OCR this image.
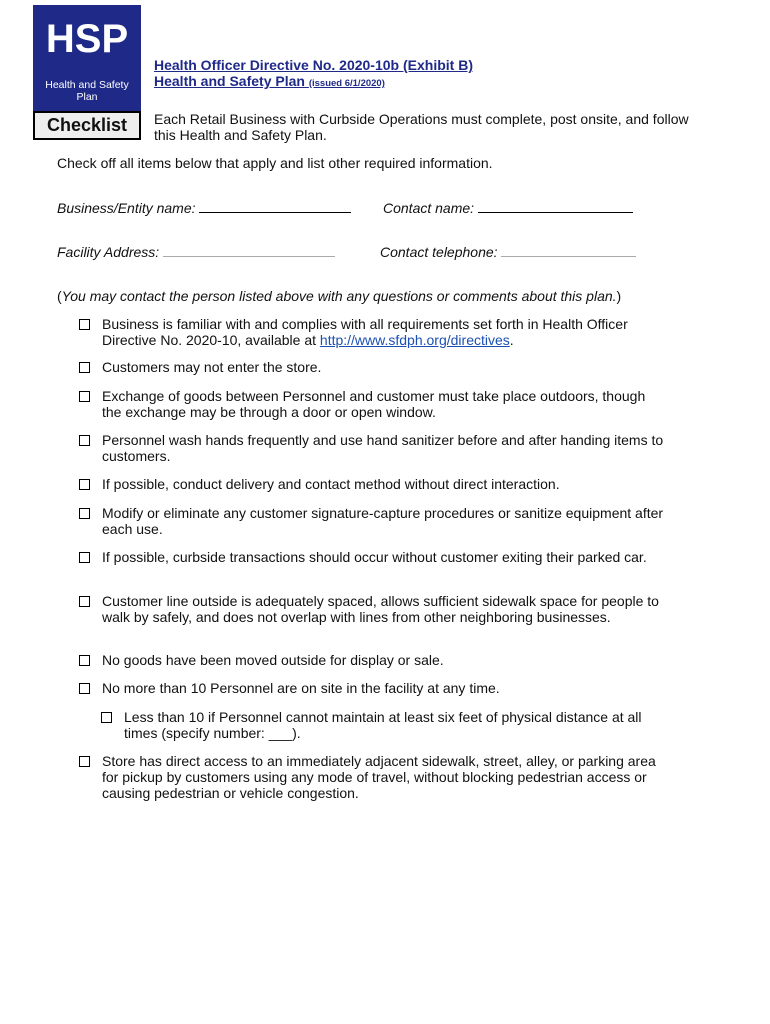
HSP
Health and Safety
Plan
Checklist
Health Officer Directive No. 2020-10b (Exhibit B)
Health and Safety Plan (issued 6/1/2020)
Each Retail Business with Curbside Operations must complete, post onsite, and follow this Health and Safety Plan.
Check off all items below that apply and list other required information.
Business/Entity name:	Contact name:
Facility Address:	Contact telephone:
(You may contact the person listed above with any questions or comments about this plan.)
Business is familiar with and complies with all requirements set forth in Health Officer Directive No. 2020-10, available at http://www.sfdph.org/directives.
Customers may not enter the store.
Exchange of goods between Personnel and customer must take place outdoors, though the exchange may be through a door or open window.
Personnel wash hands frequently and use hand sanitizer before and after handing items to customers.
If possible, conduct delivery and contact method without direct interaction.
Modify or eliminate any customer signature-capture procedures or sanitize equipment after each use.
If possible, curbside transactions should occur without customer exiting their parked car.
Customer line outside is adequately spaced, allows sufficient sidewalk space for people to walk by safely, and does not overlap with lines from other neighboring businesses.
No goods have been moved outside for display or sale.
No more than 10 Personnel are on site in the facility at any time.
Less than 10 if Personnel cannot maintain at least six feet of physical distance at all times (specify number: ___).
Store has direct access to an immediately adjacent sidewalk, street, alley, or parking area for pickup by customers using any mode of travel, without blocking pedestrian access or causing pedestrian or vehicle congestion.
